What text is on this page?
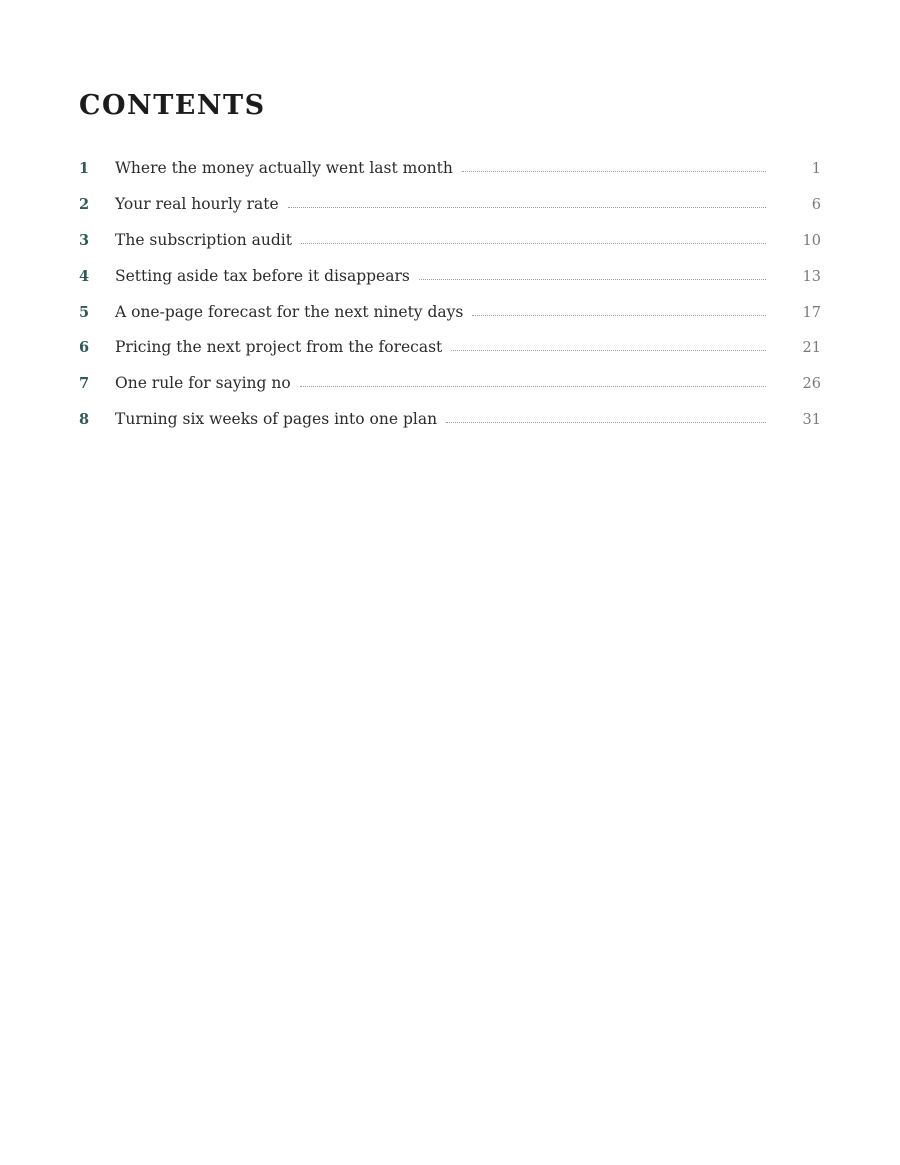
CONTENTS
1	Where the money actually went last month	1
2	Your real hourly rate	6
3	The subscription audit	10
4	Setting aside tax before it disappears	13
5	A one-page forecast for the next ninety days	17
6	Pricing the next project from the forecast	21
7	One rule for saying no	26
8	Turning six weeks of pages into one plan	31
